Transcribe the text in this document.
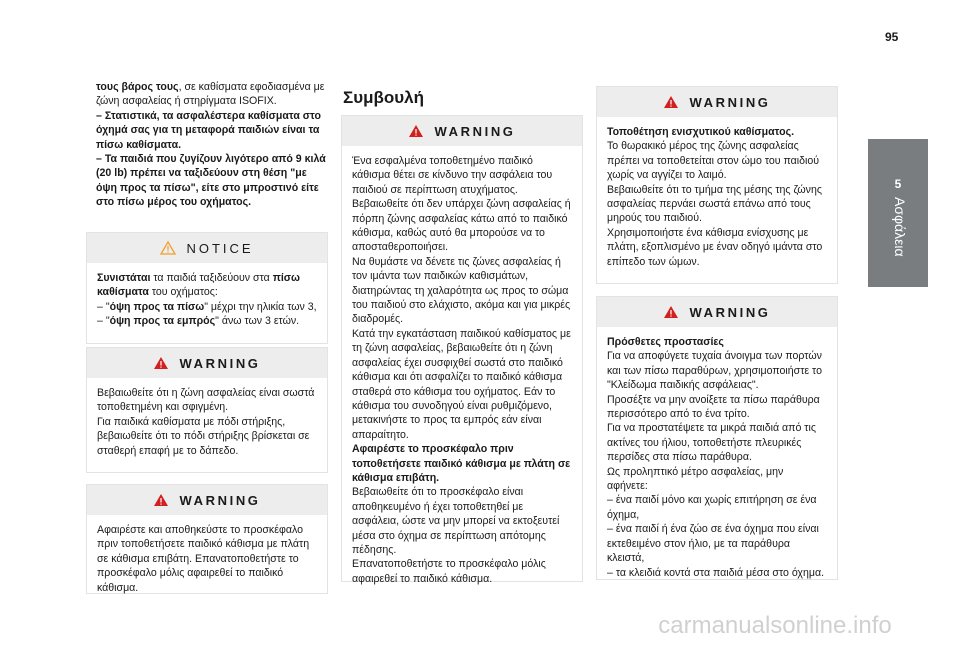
95
5
Ασφάλεια

τους βάρος τους, σε καθίσματα εφοδιασμένα με ζώνη ασφαλείας ή στηρίγματα ISOFIX.

– Στατιστικά, τα ασφαλέστερα καθίσματα στο όχημά σας για τη μεταφορά παιδιών είναι τα πίσω καθίσματα.

– Τα παιδιά που ζυγίζουν λιγότερο από 9 κιλά (20 lb) πρέπει να ταξιδεύουν στη θέση "με όψη προς τα πίσω", είτε στο μπροστινό είτε στο πίσω μέρος του οχήματος.

NOTICE

Συνιστάται τα παιδιά ταξιδεύουν στα πίσω καθίσματα του οχήματος:

– "όψη προς τα πίσω" μέχρι την ηλικία των 3,

– "όψη προς τα εμπρός" άνω των 3 ετών.

WARNING

Βεβαιωθείτε ότι η ζώνη ασφαλείας είναι σωστά τοποθετημένη και σφιγμένη.
Για παιδικά καθίσματα με πόδι στήριξης, βεβαιωθείτε ότι το πόδι στήριξης βρίσκεται σε σταθερή επαφή με το δάπεδο.

WARNING

Αφαιρέστε και αποθηκεύστε το προσκέφαλο πριν τοποθετήσετε παιδικό κάθισμα με πλάτη σε κάθισμα επιβάτη. Επανατοποθετήστε το προσκέφαλο μόλις αφαιρεθεί το παιδικό κάθισμα.

Συμβουλή
WARNING

Ένα εσφαλμένα τοποθετημένο παιδικό κάθισμα θέτει σε κίνδυνο την ασφάλεια του παιδιού σε περίπτωση ατυχήματος.
Βεβαιωθείτε ότι δεν υπάρχει ζώνη ασφαλείας ή πόρπη ζώνης ασφαλείας κάτω από το παιδικό κάθισμα, καθώς αυτό θα μπορούσε να το αποσταθεροποιήσει.
Να θυμάστε να δένετε τις ζώνες ασφαλείας ή τον ιμάντα των παιδικών καθισμάτων, διατηρώντας τη χαλαρότητα ως προς το σώμα του παιδιού στο ελάχιστο, ακόμα και για μικρές διαδρομές.
Κατά την εγκατάσταση παιδικού καθίσματος με τη ζώνη ασφαλείας, βεβαιωθείτε ότι η ζώνη ασφαλείας έχει συσφιχθεί σωστά στο παιδικό κάθισμα και ότι ασφαλίζει το παιδικό κάθισμα σταθερά στο κάθισμα του οχήματος. Εάν το κάθισμα του συνοδηγού είναι ρυθμιζόμενο, μετακινήστε το προς τα εμπρός εάν είναι απαραίτητο.

Αφαιρέστε το προσκέφαλο πριν τοποθετήσετε παιδικό κάθισμα με πλάτη σε κάθισμα επιβάτη.

Βεβαιωθείτε ότι το προσκέφαλο είναι αποθηκευμένο ή έχει τοποθετηθεί με ασφάλεια, ώστε να μην μπορεί να εκτοξευτεί μέσα στο όχημα σε περίπτωση απότομης πέδησης.
Επανατοποθετήστε το προσκέφαλο μόλις αφαιρεθεί το παιδικό κάθισμα.

WARNING

Τοποθέτηση ενισχυτικού καθίσματος.

Το θωρακικό μέρος της ζώνης ασφαλείας πρέπει να τοποθετείται στον ώμο του παιδιού χωρίς να αγγίζει το λαιμό.
Βεβαιωθείτε ότι το τμήμα της μέσης της ζώνης ασφαλείας περνάει σωστά επάνω από τους μηρούς του παιδιού.
Χρησιμοποιήστε ένα κάθισμα ενίσχυσης με πλάτη, εξοπλισμένο με έναν οδηγό ιμάντα στο επίπεδο των ώμων.

WARNING

Πρόσθετες προστασίες

Για να αποφύγετε τυχαία άνοιγμα των πορτών και των πίσω παραθύρων, χρησιμοποιήστε το "Κλείδωμα παιδικής ασφάλειας".
Προσέξτε να μην ανοίξετε τα πίσω παράθυρα περισσότερο από το ένα τρίτο.
Για να προστατέψετε τα μικρά παιδιά από τις ακτίνες του ήλιου, τοποθετήστε πλευρικές περσίδες στα πίσω παράθυρα.
Ως προληπτικό μέτρο ασφαλείας, μην αφήνετε:
– ένα παιδί μόνο και χωρίς επιτήρηση σε ένα όχημα,
– ένα παιδί ή ένα ζώο σε ένα όχημα που είναι εκτεθειμένο στον ήλιο, με τα παράθυρα κλειστά,
– τα κλειδιά κοντά στα παιδιά μέσα στο όχημα.

carmanualsonline.info
